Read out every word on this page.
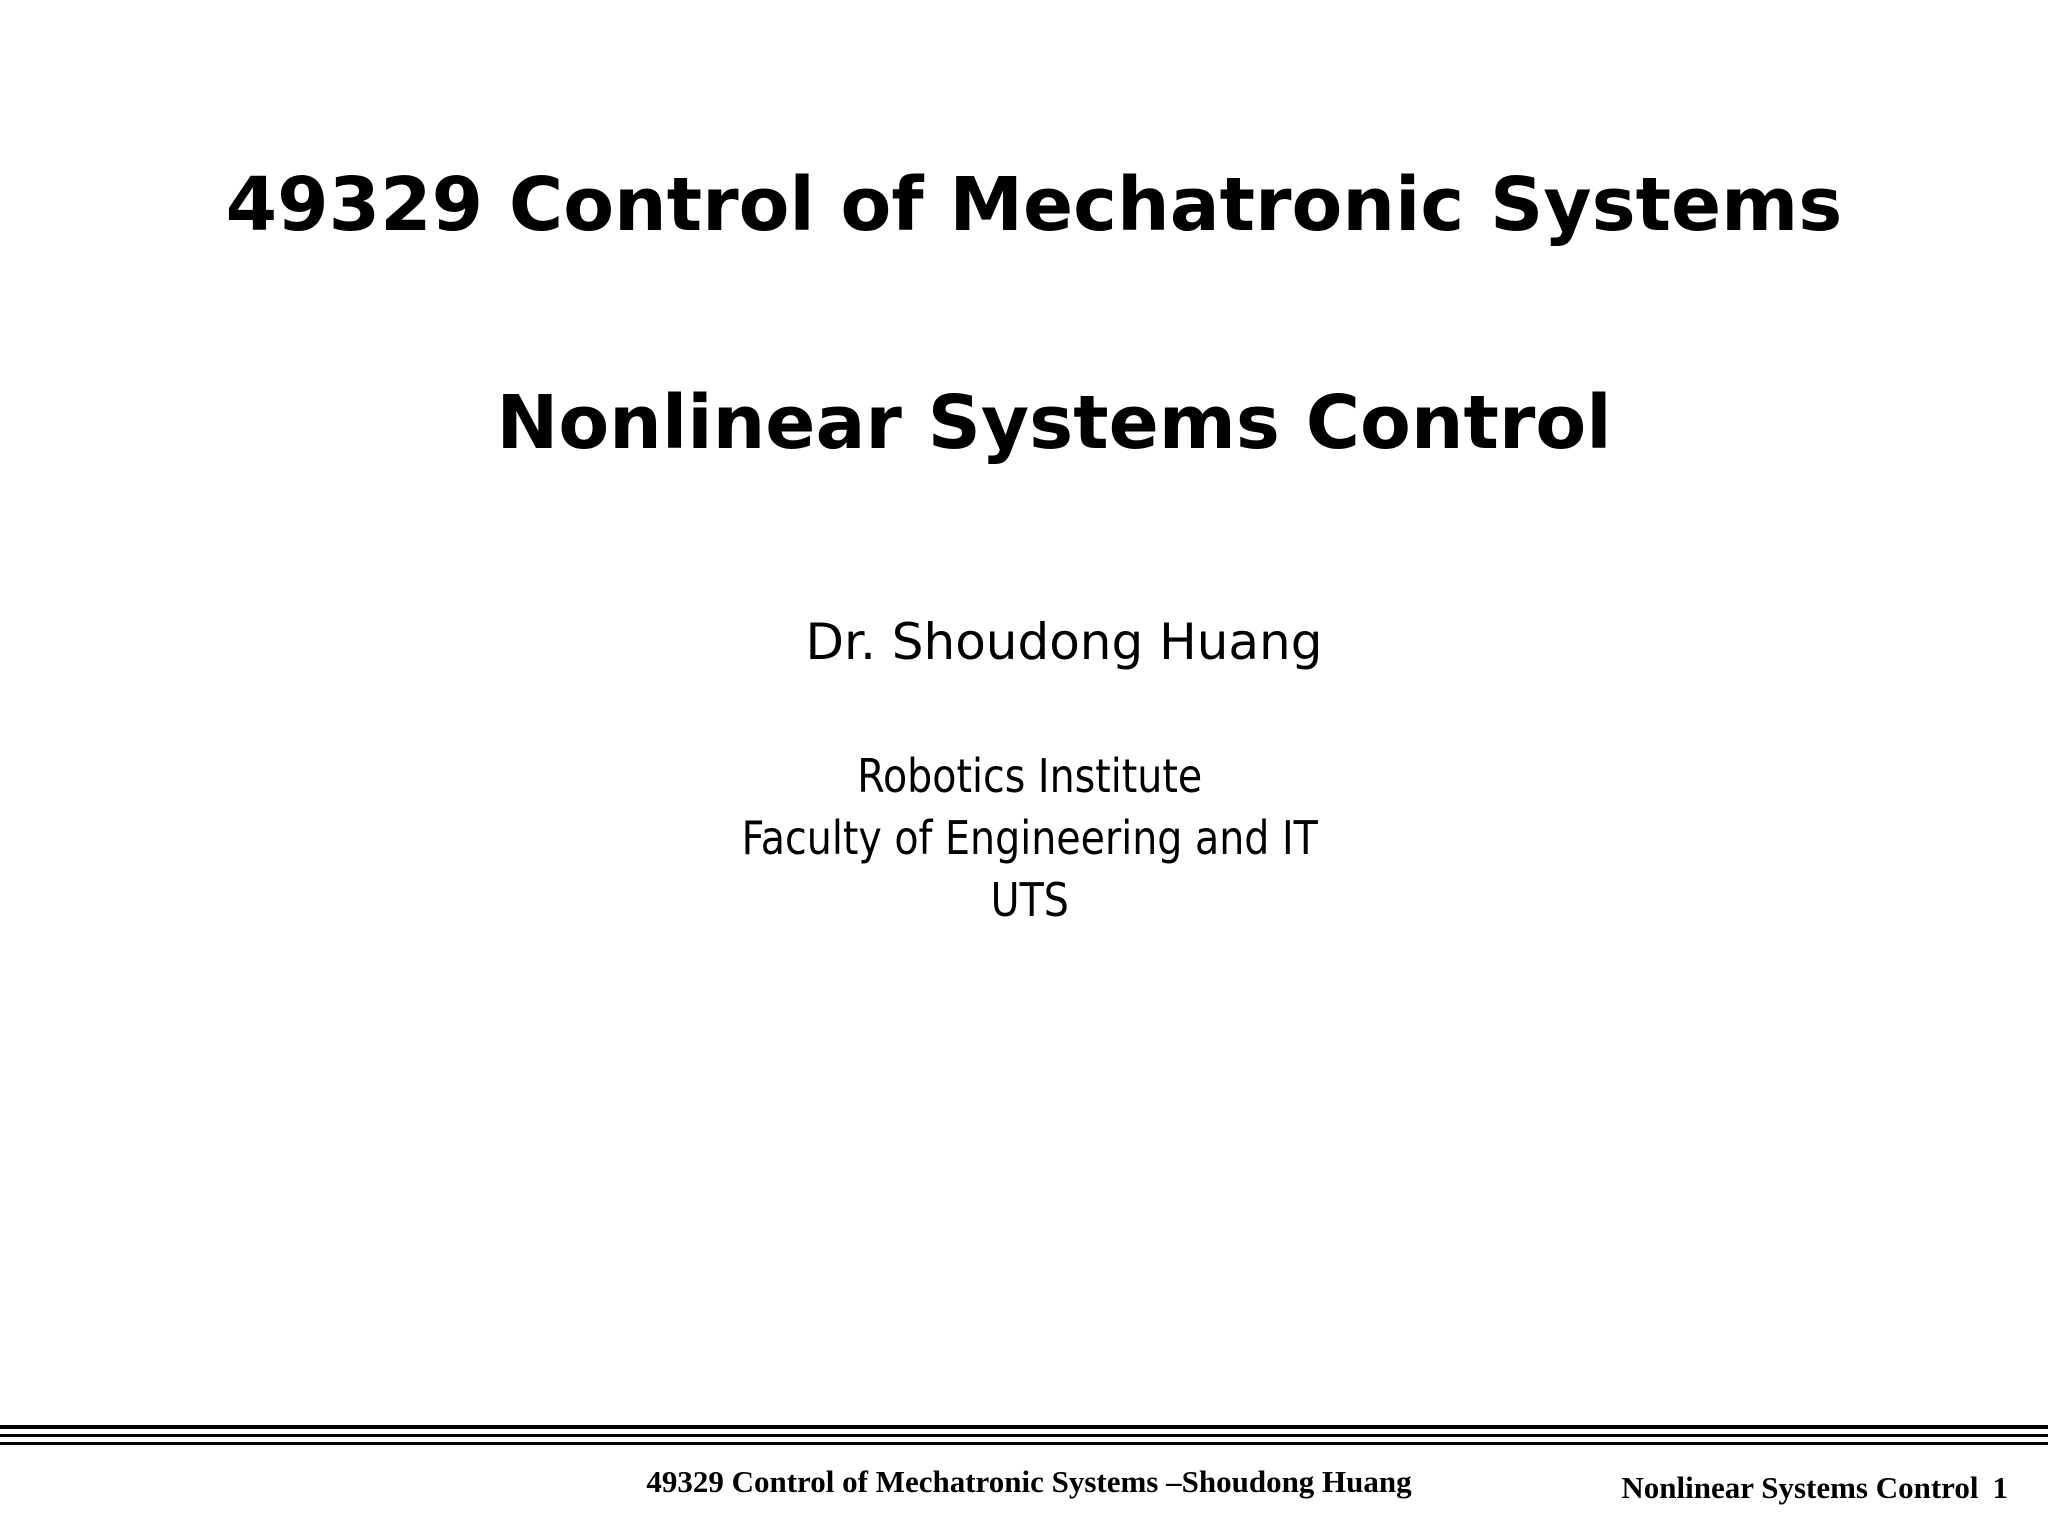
49329 Control of Mechatronic Systems
Nonlinear Systems Control
Dr. Shoudong Huang
Robotics Institute
Faculty of Engineering and IT
UTS
49329 Control of Mechatronic Systems –Shoudong Huang	Nonlinear Systems Control 1
